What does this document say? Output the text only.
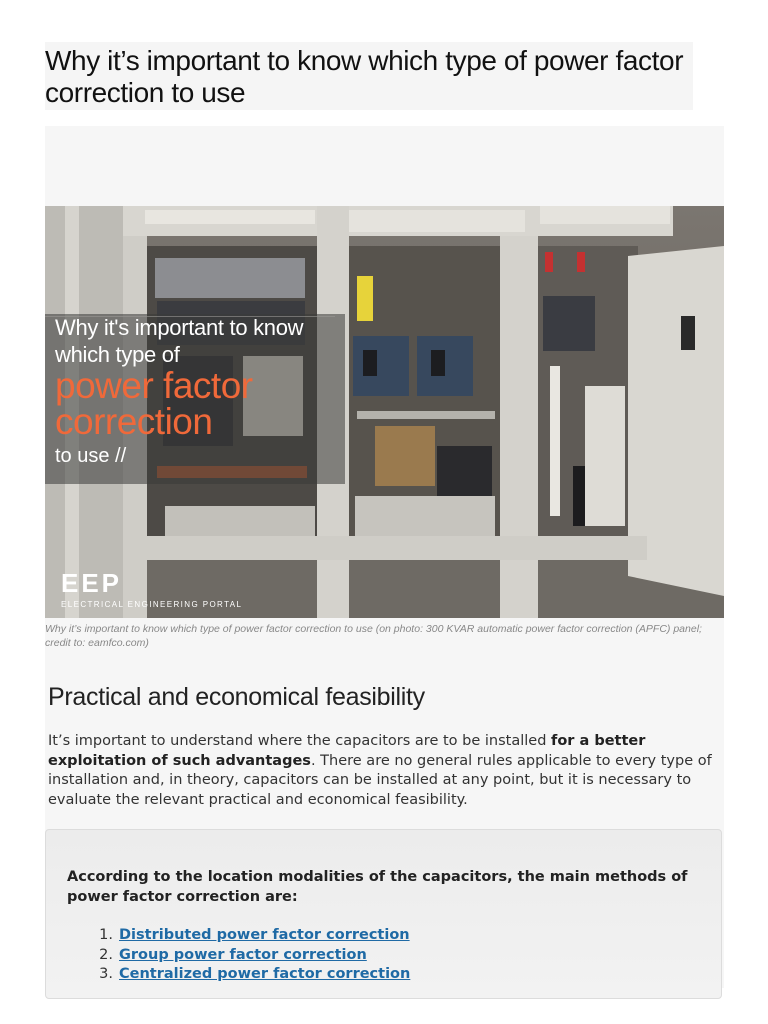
Why it’s important to know which type of power factor correction to use
Why it's important to know
which type of
power factor
correction
to use //
EEP
ELECTRICAL ENGINEERING PORTAL
Why it’s important to know which type of power factor correction to use (on photo: 300 KVAR automatic power factor correction (APFC) panel; credit to: eamfco.com)
Practical and economical feasibility

It’s important to understand where the capacitors are to be installed for a better exploitation of such advantages. There are no general rules applicable to every type of installation and, in theory, capacitors can be installed at any point, but it is necessary to evaluate the relevant practical and economical feasibility.

According to the location modalities of the capacitors, the main methods of power factor correction are:

1. Distributed power factor correction
2. Group power factor correction
3. Centralized power factor correction
